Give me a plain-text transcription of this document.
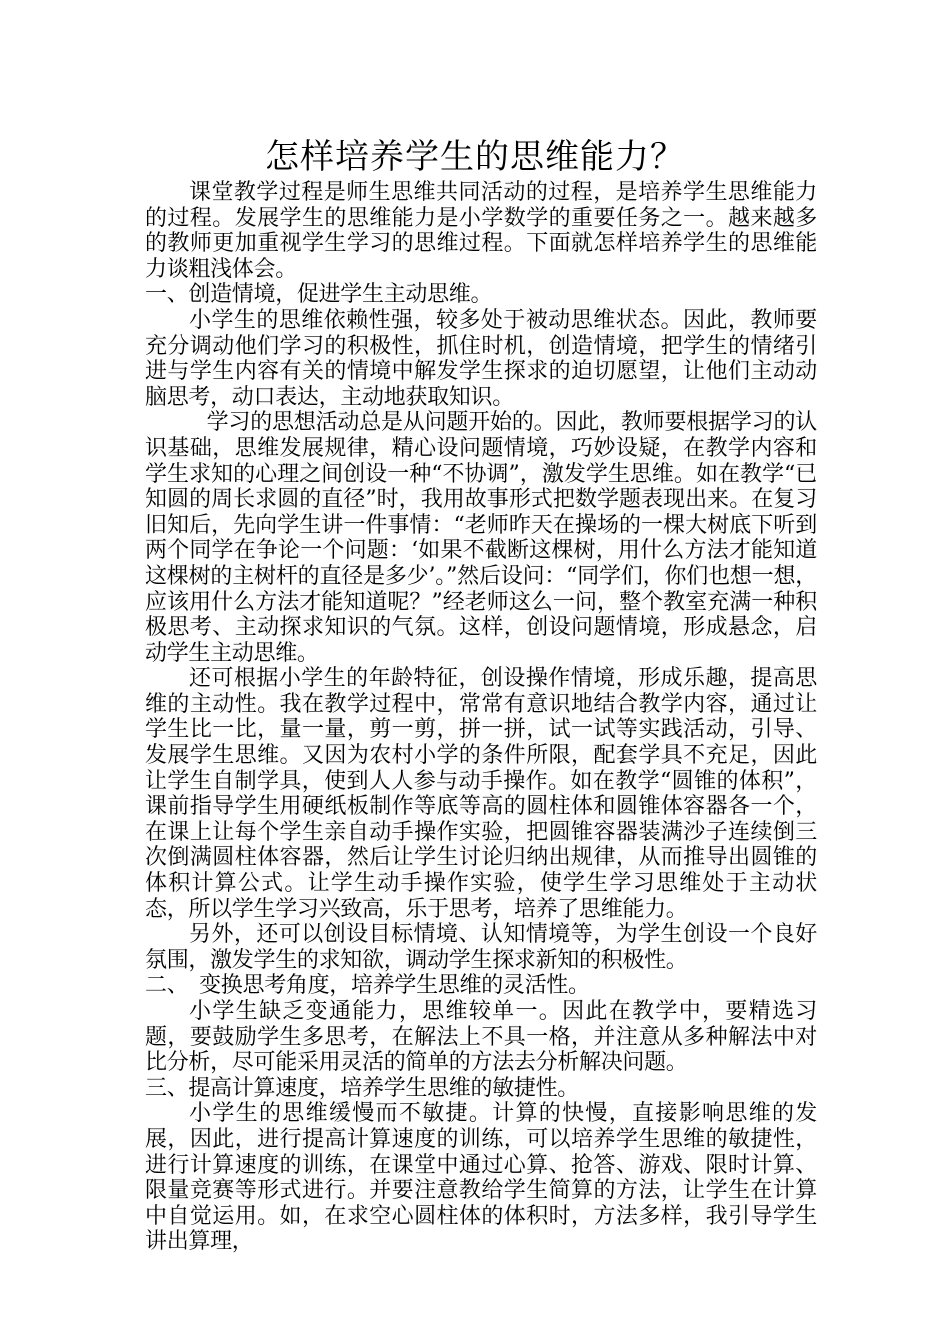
怎样培养学生的思维能力？

课堂教学过程是师生思维共同活动的过程，是培养学生思维能力的过程。发展学生的思维能力是小学数学的重要任务之一。越来越多的教师更加重视学生学习的思维过程。下面就怎样培养学生的思维能力谈粗浅体会。

一、创造情境，促进学生主动思维。

小学生的思维依赖性强，较多处于被动思维状态。因此，教师要充分调动他们学习的积极性，抓住时机，创造情境，把学生的情绪引进与学生内容有关的情境中解发学生探求的迫切愿望，让他们主动动脑思考，动口表达，主动地获取知识。

学习的思想活动总是从问题开始的。因此，教师要根据学习的认识基础，思维发展规律，精心设问题情境，巧妙设疑，在教学内容和学生求知的心理之间创设一种“不协调”，激发学生思维。如在教学“已知圆的周长求圆的直径”时，我用故事形式把数学题表现出来。在复习旧知后，先向学生讲一件事情：“老师昨天在操场的一棵大树底下听到两个同学在争论一个问题：‘如果不截断这棵树，用什么方法才能知道这棵树的主树杆的直径是多少’。”然后设问：“同学们，你们也想一想，应该用什么方法才能知道呢？”经老师这么一问，整个教室充满一种积极思考、主动探求知识的气氛。这样，创设问题情境，形成悬念，启动学生主动思维。

还可根据小学生的年龄特征，创设操作情境，形成乐趣，提高思维的主动性。我在教学过程中，常常有意识地结合教学内容，通过让学生比一比，量一量，剪一剪，拼一拼，试一试等实践活动，引导、发展学生思维。又因为农村小学的条件所限，配套学具不充足，因此让学生自制学具，使到人人参与动手操作。如在教学“圆锥的体积”，课前指导学生用硬纸板制作等底等高的圆柱体和圆锥体容器各一个，在课上让每个学生亲自动手操作实验，把圆锥容器装满沙子连续倒三次倒满圆柱体容器，然后让学生讨论归纳出规律，从而推导出圆锥的体积计算公式。让学生动手操作实验，使学生学习思维处于主动状态，所以学生学习兴致高，乐于思考，培养了思维能力。

另外，还可以创设目标情境、认知情境等，为学生创设一个良好氛围，激发学生的求知欲，调动学生探求新知的积极性。

二、　变换思考角度，培养学生思维的灵活性。

小学生缺乏变通能力，思维较单一。因此在教学中，要精选习题，要鼓励学生多思考，在解法上不具一格，并注意从多种解法中对比分析，尽可能采用灵活的简单的方法去分析解决问题。

三、提高计算速度，培养学生思维的敏捷性。

小学生的思维缓慢而不敏捷。计算的快慢，直接影响思维的发展，因此，进行提高计算速度的训练，可以培养学生思维的敏捷性，进行计算速度的训练，在课堂中通过心算、抢答、游戏、限时计算、限量竞赛等形式进行。并要注意教给学生简算的方法，让学生在计算中自觉运用。如，在求空心圆柱体的体积时，方法多样，我引导学生讲出算理，
